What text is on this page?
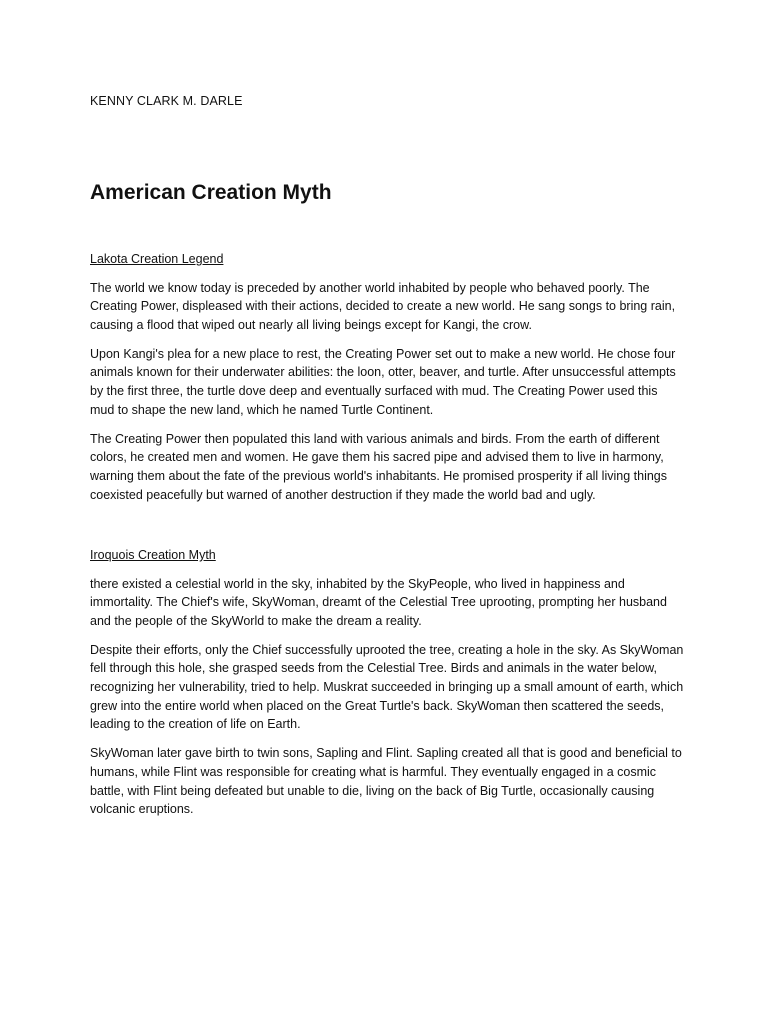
KENNY CLARK M. DARLE
American Creation Myth
Lakota Creation Legend

The world we know today is preceded by another world inhabited by people who behaved poorly. The Creating Power, displeased with their actions, decided to create a new world. He sang songs to bring rain, causing a flood that wiped out nearly all living beings except for Kangi, the crow.

Upon Kangi's plea for a new place to rest, the Creating Power set out to make a new world. He chose four animals known for their underwater abilities: the loon, otter, beaver, and turtle. After unsuccessful attempts by the first three, the turtle dove deep and eventually surfaced with mud. The Creating Power used this mud to shape the new land, which he named Turtle Continent.

The Creating Power then populated this land with various animals and birds. From the earth of different colors, he created men and women. He gave them his sacred pipe and advised them to live in harmony, warning them about the fate of the previous world's inhabitants. He promised prosperity if all living things coexisted peacefully but warned of another destruction if they made the world bad and ugly.

Iroquois Creation Myth

there existed a celestial world in the sky, inhabited by the SkyPeople, who lived in happiness and immortality. The Chief's wife, SkyWoman, dreamt of the Celestial Tree uprooting, prompting her husband and the people of the SkyWorld to make the dream a reality.

Despite their efforts, only the Chief successfully uprooted the tree, creating a hole in the sky. As SkyWoman fell through this hole, she grasped seeds from the Celestial Tree. Birds and animals in the water below, recognizing her vulnerability, tried to help. Muskrat succeeded in bringing up a small amount of earth, which grew into the entire world when placed on the Great Turtle's back. SkyWoman then scattered the seeds, leading to the creation of life on Earth.

SkyWoman later gave birth to twin sons, Sapling and Flint. Sapling created all that is good and beneficial to humans, while Flint was responsible for creating what is harmful. They eventually engaged in a cosmic battle, with Flint being defeated but unable to die, living on the back of Big Turtle, occasionally causing volcanic eruptions.
